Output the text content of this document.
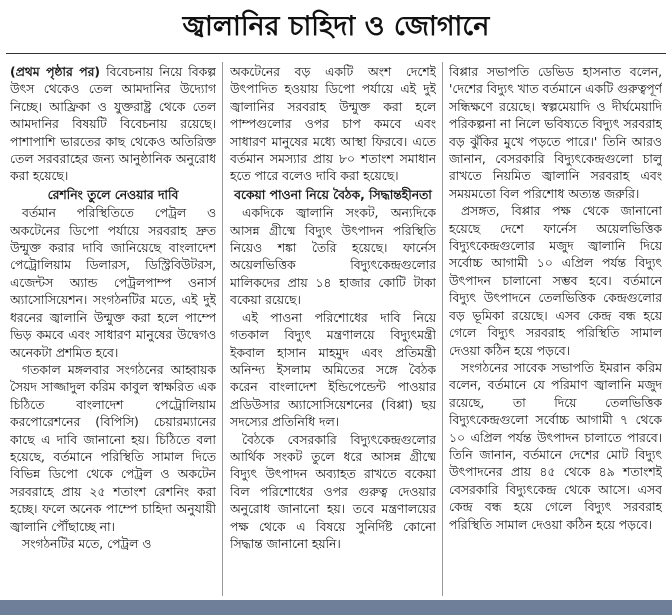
জ্বালানির চাহিদা ও জোগানে

(প্রথম পৃষ্ঠার পর) বিবেচনায় নিয়ে বিকল্প উৎস থেকেও তেল আমদানির উদ্যোগ নিচ্ছে। আফ্রিকা ও যুক্তরাষ্ট্র থেকে তেল আমদানির বিষয়টি বিবেচনায় রয়েছে। পাশাপাশি ভারতের কাছ থেকেও অতিরিক্ত তেল সরবরাহের জন্য আনুষ্ঠানিক অনুরোধ করা হয়েছে।

রেশনিং তুলে নেওয়ার দাবি

বর্তমান পরিস্থিতিতে পেট্রল ও অকটেনের ডিপো পর্যায়ে সরবরাহ দ্রুত উন্মুক্ত করার দাবি জানিয়েছে বাংলাদেশ পেট্রোলিয়াম ডিলারস, ডিস্ট্রিবিউটরস, এজেন্টস অ্যান্ড পেট্রলপাম্প ওনার্স অ্যাসোসিয়েশন। সংগঠনটির মতে, এই দুই ধরনের জ্বালানি উন্মুক্ত করা হলে পাম্পে ভিড় কমবে এবং সাধারণ মানুষের উদ্বেগও অনেকটা প্রশমিত হবে।

গতকাল মঙ্গলবার সংগঠনের আহ্বায়ক সৈয়দ সাজ্জাদুল করিম কাবুল স্বাক্ষরিত এক চিঠিতে বাংলাদেশ পেট্রোলিয়াম করপোরেশনের (বিপিসি) চেয়ারম্যানের কাছে এ দাবি জানানো হয়। চিঠিতে বলা হয়েছে, বর্তমানে পরিস্থিতি সামাল দিতে বিভিন্ন ডিপো থেকে পেট্রল ও অকটেন সরবরাহে প্রায় ২৫ শতাংশ রেশনিং করা হচ্ছে। ফলে অনেক পাম্পে চাহিদা অনুযায়ী জ্বালানি পৌঁছাচ্ছে না।

সংগঠনটির মতে, পেট্রল ও

অকটেনের বড় একটি অংশ দেশেই উৎপাদিত হওয়ায় ডিপো পর্যায়ে এই দুই জ্বালানির সরবরাহ উন্মুক্ত করা হলে পাম্পগুলোর ওপর চাপ কমবে এবং সাধারণ মানুষের মধ্যে আস্থা ফিরবে। এতে বর্তমান সমস্যার প্রায় ৮০ শতাংশ সমাধান হতে পারে বলেও দাবি করা হয়েছে।

বকেয়া পাওনা নিয়ে বৈঠক, সিদ্ধান্তহীনতা

একদিকে জ্বালানি সংকট, অন্যদিকে আসন্ন গ্রীষ্মে বিদ্যুৎ উৎপাদন পরিস্থিতি নিয়েও শঙ্কা তৈরি হয়েছে। ফার্নেস অয়েলভিত্তিক বিদ্যুৎকেন্দ্রগুলোর মালিকদের প্রায় ১৪ হাজার কোটি টাকা বকেয়া রয়েছে।

এই পাওনা পরিশোধের দাবি নিয়ে গতকাল বিদ্যুৎ মন্ত্রণালয়ে বিদ্যুৎমন্ত্রী ইকবাল হাসান মাহমুদ এবং প্রতিমন্ত্রী অনিন্দ্য ইসলাম অমিতের সঙ্গে বৈঠক করেন বাংলাদেশ ইন্ডিপেন্ডেন্ট পাওয়ার প্রডিউসার অ্যাসোসিয়েশনের (বিপ্পা) ছয় সদস্যের প্রতিনিধি দল।

বৈঠকে বেসরকারি বিদ্যুৎকেন্দ্রগুলোর আর্থিক সংকট তুলে ধরে আসন্ন গ্রীষ্মে বিদ্যুৎ উৎপাদন অব্যাহত রাখতে বকেয়া বিল পরিশোধের ওপর গুরুত্ব দেওয়ার অনুরোধ জানানো হয়। তবে মন্ত্রণালয়ের পক্ষ থেকে এ বিষয়ে সুনির্দিষ্ট কোনো সিদ্ধান্ত জানানো হয়নি।

বিপ্পার সভাপতি ডেভিড হাসনাত বলেন, 'দেশের বিদ্যুৎ খাত বর্তমানে একটি গুরুত্বপূর্ণ সন্ধিক্ষণে রয়েছে। স্বল্পমেয়াদি ও দীর্ঘমেয়াদি পরিকল্পনা না নিলে ভবিষ্যতে বিদ্যুৎ সরবরাহ বড় ঝুঁকির মুখে পড়তে পারে।' তিনি আরও জানান, বেসরকারি বিদ্যুৎকেন্দ্রগুলো চালু রাখতে নিয়মিত জ্বালানি সরবরাহ এবং সময়মতো বিল পরিশোধ অত্যন্ত জরুরি।

প্রসঙ্গত, বিপ্পার পক্ষ থেকে জানানো হয়েছে দেশে ফার্নেস অয়েলভিত্তিক বিদ্যুৎকেন্দ্রগুলোর মজুদ জ্বালানি দিয়ে সর্বোচ্চ আগামী ১০ এপ্রিল পর্যন্ত বিদ্যুৎ উৎপাদন চালানো সম্ভব হবে। বর্তমানে বিদ্যুৎ উৎপাদনে তেলভিত্তিক কেন্দ্রগুলোর বড় ভূমিকা রয়েছে। এসব কেন্দ্র বন্ধ হয়ে গেলে বিদ্যুৎ সরবরাহ পরিস্থিতি সামাল দেওয়া কঠিন হয়ে পড়বে।

সংগঠনের সাবেক সভাপতি ইমরান করিম বলেন, বর্তমানে যে পরিমাণ জ্বালানি মজুদ রয়েছে, তা দিয়ে তেলভিত্তিক বিদ্যুৎকেন্দ্রগুলো সর্বোচ্চ আগামী ৭ থেকে ১০ এপ্রিল পর্যন্ত উৎপাদন চালাতে পারবে। তিনি জানান, বর্তমানে দেশের মোট বিদ্যুৎ উৎপাদনের প্রায় ৪৫ থেকে ৪৯ শতাংশই বেসরকারি বিদ্যুৎকেন্দ্র থেকে আসে। এসব কেন্দ্র বন্ধ হয়ে গেলে বিদ্যুৎ সরবরাহ পরিস্থিতি সামাল দেওয়া কঠিন হয়ে পড়বে।
